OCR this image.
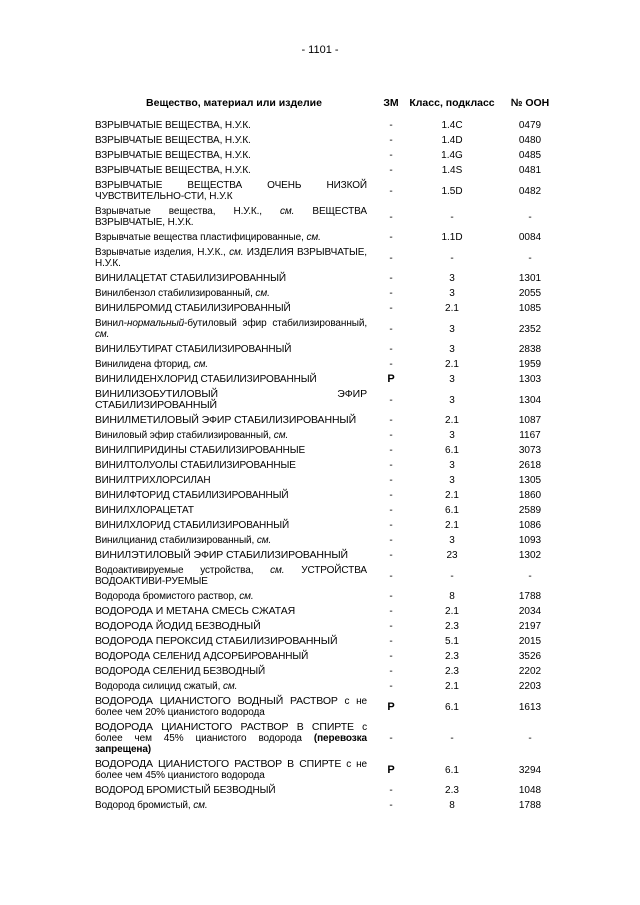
- 1101 -
Вещество, материал или изделие	ЗМ	Класс, подкласс	№ ООН
ВЗРЫВЧАТЫЕ ВЕЩЕСТВА, Н.У.К.	-	1.4C	0479
ВЗРЫВЧАТЫЕ ВЕЩЕСТВА, Н.У.К.	-	1.4D	0480
ВЗРЫВЧАТЫЕ ВЕЩЕСТВА, Н.У.К.	-	1.4G	0485
ВЗРЫВЧАТЫЕ ВЕЩЕСТВА, Н.У.К.	-	1.4S	0481
ВЗРЫВЧАТЫЕ ВЕЩЕСТВА ОЧЕНЬ НИЗКОЙ ЧУВСТВИТЕЛЬНО-СТИ, Н.У.К	-	1.5D	0482
Взрывчатые вещества, Н.У.К., см. ВЕЩЕСТВА ВЗРЫВЧАТЫЕ, Н.У.К.	-	-	-
Взрывчатые вещества пластифицированные, см.	-	1.1D	0084
Взрывчатые изделия, Н.У.К., см. ИЗДЕЛИЯ ВЗРЫВЧАТЫЕ, Н.У.К.	-	-	-
ВИНИЛАЦЕТАТ СТАБИЛИЗИРОВАННЫЙ	-	3	1301
Винилбензол стабилизированный, см.	-	3	2055
ВИНИЛБРОМИД СТАБИЛИЗИРОВАННЫЙ	-	2.1	1085
Винил-нормальный-бутиловый эфир стабилизированный, см.	-	3	2352
ВИНИЛБУТИРАТ СТАБИЛИЗИРОВАННЫЙ	-	3	2838
Винилидена фторид, см.	-	2.1	1959
ВИНИЛИДЕНХЛОРИД СТАБИЛИЗИРОВАННЫЙ	Р	3	1303
ВИНИЛИЗОБУТИЛОВЫЙ ЭФИР СТАБИЛИЗИРОВАННЫЙ	-	3	1304
ВИНИЛМЕТИЛОВЫЙ ЭФИР СТАБИЛИЗИРОВАННЫЙ	-	2.1	1087
Виниловый эфир стабилизированный, см.	-	3	1167
ВИНИЛПИРИДИНЫ СТАБИЛИЗИРОВАННЫЕ	-	6.1	3073
ВИНИЛТОЛУОЛЫ СТАБИЛИЗИРОВАННЫЕ	-	3	2618
ВИНИЛТРИХЛОРСИЛАН	-	3	1305
ВИНИЛФТОРИД СТАБИЛИЗИРОВАННЫЙ	-	2.1	1860
ВИНИЛХЛОРАЦЕТАТ	-	6.1	2589
ВИНИЛХЛОРИД СТАБИЛИЗИРОВАННЫЙ	-	2.1	1086
Винилцианид стабилизированный, см.	-	3	1093
ВИНИЛЭТИЛОВЫЙ ЭФИР СТАБИЛИЗИРОВАННЫЙ	-	23	1302
Водоактивируемые устройства, см. УСТРОЙСТВА ВОДОАКТИВИ-РУЕМЫЕ	-	-	-
Водорода бромистого раствор, см.	-	8	1788
ВОДОРОДА И МЕТАНА СМЕСЬ СЖАТАЯ	-	2.1	2034
ВОДОРОДА ЙОДИД БЕЗВОДНЫЙ	-	2.3	2197
ВОДОРОДА ПЕРОКСИД СТАБИЛИЗИРОВАННЫЙ	-	5.1	2015
ВОДОРОДА СЕЛЕНИД АДСОРБИРОВАННЫЙ	-	2.3	3526
ВОДОРОДА СЕЛЕНИД БЕЗВОДНЫЙ	-	2.3	2202
Водорода силицид сжатый, см.	-	2.1	2203
ВОДОРОДА ЦИАНИСТОГО ВОДНЫЙ РАСТВОР с не более чем 20% цианистого водорода	Р	6.1	1613
ВОДОРОДА ЦИАНИСТОГО РАСТВОР В СПИРТЕ с более чем 45% цианистого водорода (перевозка запрещена)	-	-	-
ВОДОРОДА ЦИАНИСТОГО РАСТВОР В СПИРТЕ с не более чем 45% цианистого водорода	Р	6.1	3294
ВОДОРОД БРОМИСТЫЙ БЕЗВОДНЫЙ	-	2.3	1048
Водород бромистый, см.	-	8	1788
